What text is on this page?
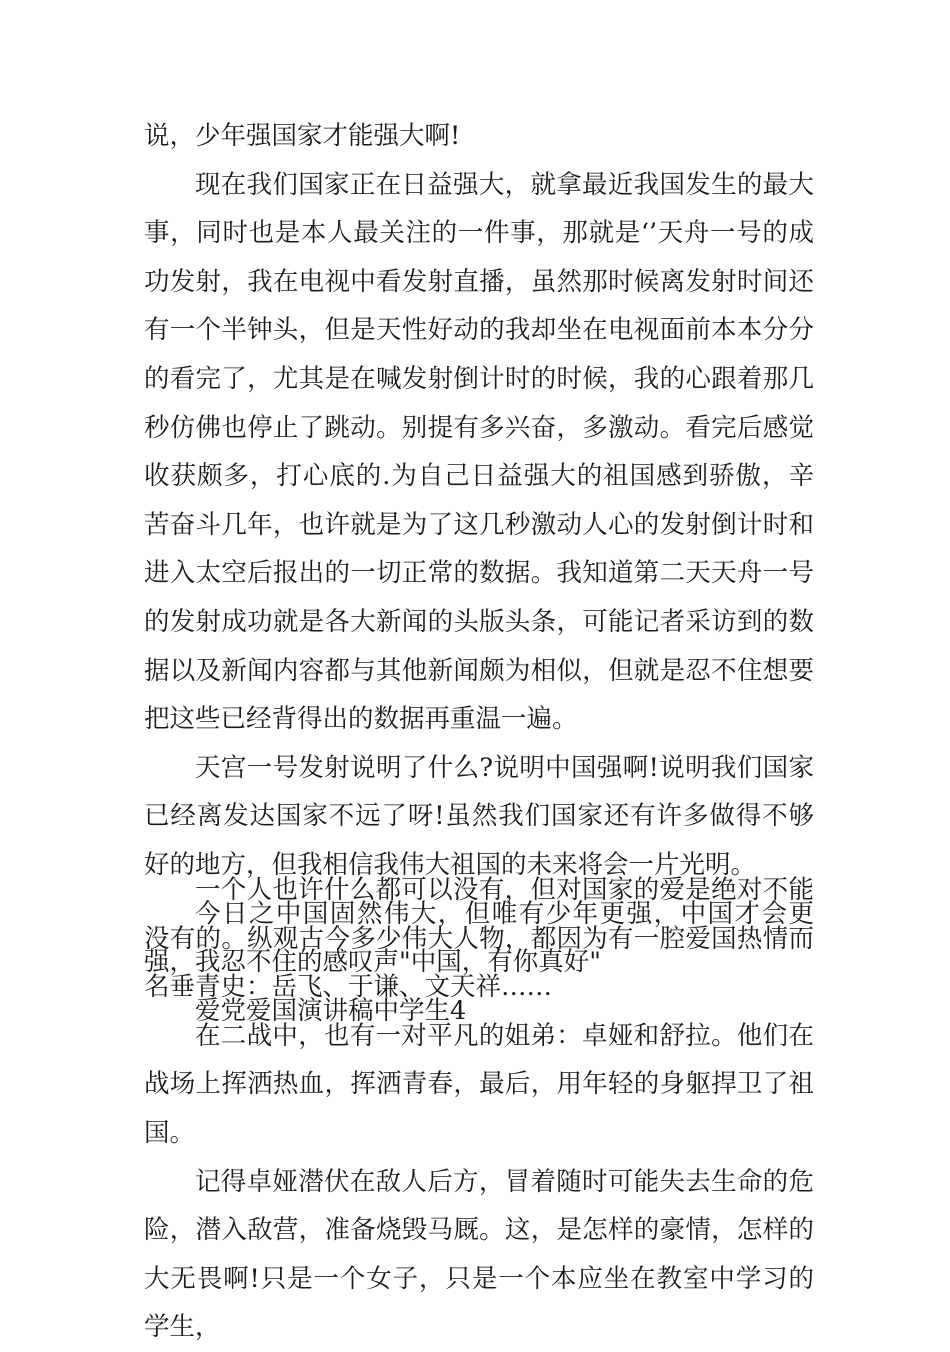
说，少年强国家才能强大啊!

现在我们国家正在日益强大，就拿最近我国发生的最大事，同时也是本人最关注的一件事，那就是‘’天舟一号的成功发射，我在电视中看发射直播，虽然那时候离发射时间还有一个半钟头，但是天性好动的我却坐在电视面前本本分分的看完了，尤其是在喊发射倒计时的时候，我的心跟着那几秒仿佛也停止了跳动。别提有多兴奋，多激动。看完后感觉收获颇多，打心底的.为自己日益强大的祖国感到骄傲，辛苦奋斗几年，也许就是为了这几秒激动人心的发射倒计时和进入太空后报出的一切正常的数据。我知道第二天天舟一号的发射成功就是各大新闻的头版头条，可能记者采访到的数据以及新闻内容都与其他新闻颇为相似，但就是忍不住想要把这些已经背得出的数据再重温一遍。

天宫一号发射说明了什么?说明中国强啊!说明我们国家已经离发达国家不远了呀!虽然我们国家还有许多做得不够好的地方，但我相信我伟大祖国的未来将会一片光明。

今日之中国固然伟大，但唯有少年更强，中国才会更强，我忍不住的感叹声"中国，有你真好"

爱党爱国演讲稿中学生4

一个人也许什么都可以没有，但对国家的爱是绝对不能没有的。纵观古今多少伟大人物，都因为有一腔爱国热情而名垂青史：岳飞、于谦、文天祥……

在二战中，也有一对平凡的姐弟：卓娅和舒拉。他们在战场上挥洒热血，挥洒青春，最后，用年轻的身躯捍卫了祖国。

记得卓娅潜伏在敌人后方，冒着随时可能失去生命的危险，潜入敌营，准备烧毁马厩。这，是怎样的豪情，怎样的大无畏啊!只是一个女子，只是一个本应坐在教室中学习的学生，
